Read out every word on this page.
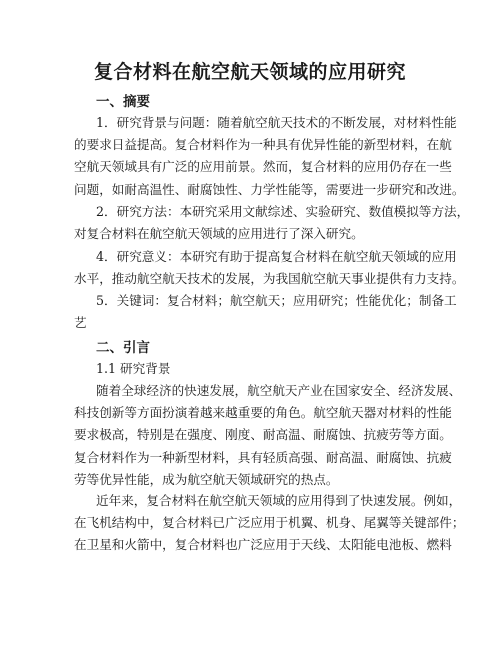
复合材料在航空航天领域的应用研究
一、摘要
1．研究背景与问题：随着航空航天技术的不断发展，对材料性能
的要求日益提高。复合材料作为一种具有优异性能的新型材料，在航
空航天领域具有广泛的应用前景。然而，复合材料的应用仍存在一些
问题，如耐高温性、耐腐蚀性、力学性能等，需要进一步研究和改进。
2．研究方法：本研究采用文献综述、实验研究、数值模拟等方法，
对复合材料在航空航天领域的应用进行了深入研究。
4．研究意义：本研究有助于提高复合材料在航空航天领域的应用
水平，推动航空航天技术的发展，为我国航空航天事业提供有力支持。
5．关键词：复合材料；航空航天；应用研究；性能优化；制备工
艺
二、引言
1.1 研究背景
随着全球经济的快速发展，航空航天产业在国家安全、经济发展、
科技创新等方面扮演着越来越重要的角色。航空航天器对材料的性能
要求极高，特别是在强度、刚度、耐高温、耐腐蚀、抗疲劳等方面。
复合材料作为一种新型材料，具有轻质高强、耐高温、耐腐蚀、抗疲
劳等优异性能，成为航空航天领域研究的热点。
近年来，复合材料在航空航天领域的应用得到了快速发展。例如，
在飞机结构中，复合材料已广泛应用于机翼、机身、尾翼等关键部件；
在卫星和火箭中，复合材料也广泛应用于天线、太阳能电池板、燃料
